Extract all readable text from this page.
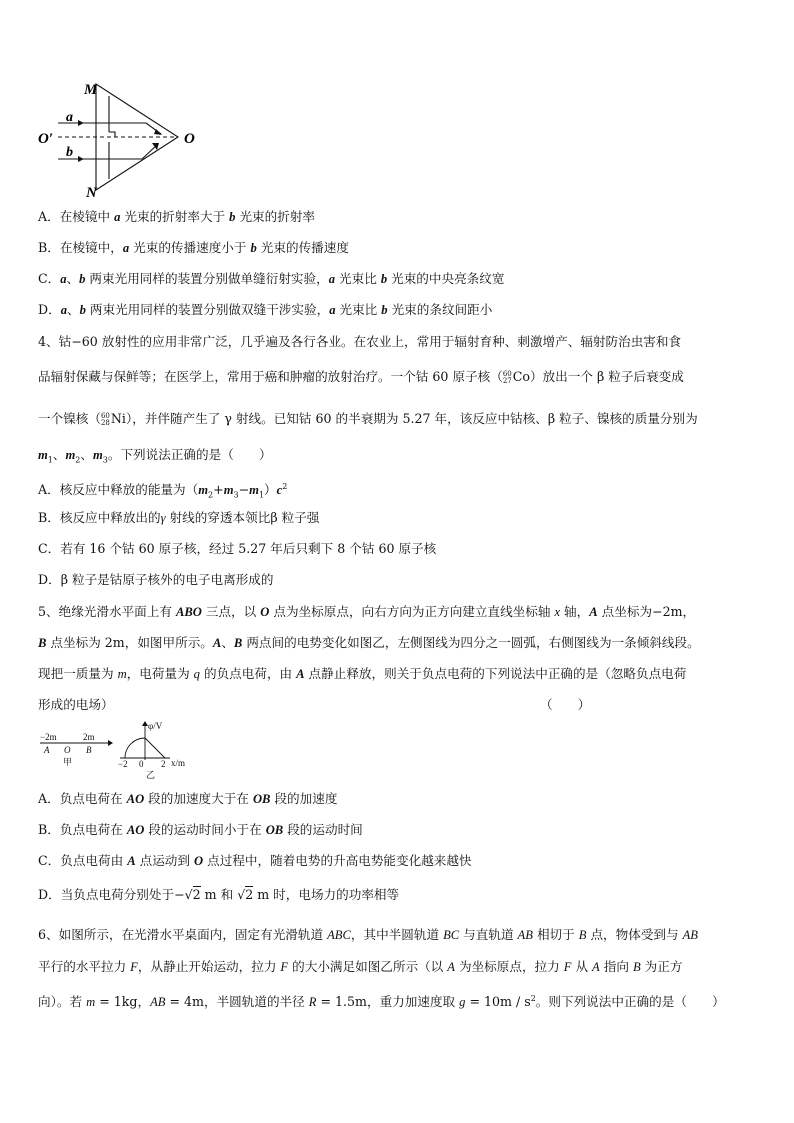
M
N
O′	O
a
b
A．在棱镜中 a 光束的折射率大于 b 光束的折射率
B．在棱镜中，a 光束的传播速度小于 b 光束的传播速度
C．a、b 两束光用同样的装置分别做单缝衍射实验，a 光束比 b 光束的中央亮条纹宽
D．a、b 两束光用同样的装置分别做双缝干涉实验，a 光束比 b 光束的条纹间距小
4、钴−60 放射性的应用非常广泛，几乎遍及各行各业。在农业上，常用于辐射育种、刺激增产、辐射防治虫害和食
品辐射保藏与保鲜等；在医学上，常用于癌和肿瘤的放射治疗。一个钴 60 原子核（ 60
27 Co）放出一个 β 粒子后衰变成
一个镍核（ 60
28 Ni），并伴随产生了 γ 射线。已知钴 60 的半衰期为 5.27 年，该反应中钴核、β 粒子、镍核的质量分别为
$m_1$、$m_2$、$m_3$。下列说法正确的是（　　）
A．核反应中释放的能量为$(m_2+m_3-m_1)c^2$
B．核反应中释放出的γ 射线的穿透本领比β 粒子强
C．若有 16 个钴 60 原子核，经过 5.27 年后只剩下 8 个钴 60 原子核
D．β 粒子是钴原子核外的电子电离形成的
5、绝缘光滑水平面上有 ABO 三点，以 O 点为坐标原点，向右方向为正方向建立直线坐标轴 x 轴，A 点坐标为−2m，
B 点坐标为 2m，如图甲所示。A、B 两点间的电势变化如图乙，左侧图线为四分之一圆弧，右侧图线为一条倾斜线段。
现把一质量为 m，电荷量为 q 的负点电荷，由 A 点静止释放，则关于负点电荷的下列说法中正确的是（忽略负点电荷
形成的电场）	（　　）
−2m	2m
A O B
甲
φ/V
x/m
−2 0 2
乙
A．负点电荷在 AO 段的加速度大于在 OB 段的加速度
B．负点电荷在 AO 段的运动时间小于在 OB 段的运动时间
C．负点电荷由 A 点运动到 O 点过程中，随着电势的升高电势能变化越来越快
D．当负点电荷分别处于−√2 m 和 √2 m 时，电场力的功率相等
6、如图所示，在光滑水平桌面内，固定有光滑轨道 ABC，其中半圆轨道 BC 与直轨道 AB 相切于 B 点，物体受到与 AB
平行的水平拉力 F，从静止开始运动，拉力 F 的大小满足如图乙所示（以 A 为坐标原点，拉力 F 从 A 指向 B 为正方
向）。若 m = 1kg，AB = 4m，半圆轨道的半径 R = 1.5m，重力加速度取 $g = 10m / s^2$。则下列说法中正确的是（　　）
